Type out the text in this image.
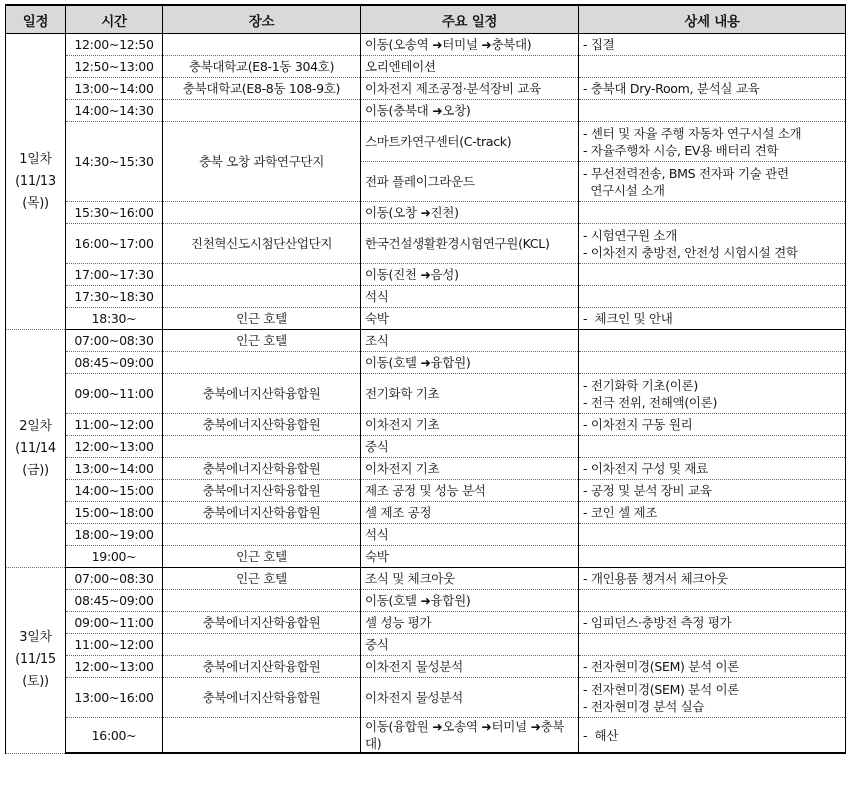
일정	시간	장소	주요 일정	상세 내용

1일차
(11/13
(목))	12:00~12:50		이동(오송역 ➜터미널 ➜충북대)	- 집결

	12:50~13:00	충북대학교(E8-1동 304호)	오리엔테이션	
	13:00~14:00	충북대학교(E8-8동 108-9호)	이차전지 제조공정·분석장비 교육	- 충북대 Dry-Room, 분석실 교육

	14:00~14:30		이동(충북대 ➜오창)	
	14:30~15:30	충북 오창 과학연구단지	스마트카연구센터(C-track)	- 센터 및 자율 주행 자동차 연구시설 소개
- 자율주행차 시승, EV용 배터리 견학

			전파 플레이그라운드	- 무선전력전송, BMS 전자파 기술 관련
연구시설 소개

	15:30~16:00		이동(오창 ➜진천)	
	16:00~17:00	진천혁신도시첨단산업단지	한국건설생활환경시험연구원(KCL)	- 시험연구원 소개
- 이차전지 충방전, 안전성 시험시설 견학

	17:00~17:30		이동(진천 ➜음성)	
	17:30~18:30		석식	
	18:30~	인근 호텔	숙박	-  체크인 및 안내

2일차
(11/14
(금))	07:00~08:30	인근 호텔	조식	
	08:45~09:00		이동(호텔 ➜융합원)	
	09:00~11:00	충북에너지산학융합원	전기화학 기초	- 전기화학 기초(이론)
- 전극 전위, 전해액(이론)

	11:00~12:00	충북에너지산학융합원	이차전지 기초	- 이차전지 구동 원리

	12:00~13:00		중식	
	13:00~14:00	충북에너지산학융합원	이차전지 기초	- 이차전지 구성 및 재료

	14:00~15:00	충북에너지산학융합원	제조 공정 및 성능 분석	- 공정 및 분석 장비 교육

	15:00~18:00	충북에너지산학융합원	셀 제조 공정	- 코인 셀 제조

	18:00~19:00		석식	
	19:00~	인근 호텔	숙박	

3일차
(11/15
(토))	07:00~08:30	인근 호텔	조식 및 체크아웃	- 개인용품 챙겨서 체크아웃

	08:45~09:00		이동(호텔 ➜융합원)	
	09:00~11:00	충북에너지산학융합원	셀 성능 평가	- 임피던스·충방전 측정 평가

	11:00~12:00		중식	
	12:00~13:00	충북에너지산학융합원	이차전지 물성분석	- 전자현미경(SEM) 분석 이론

	13:00~16:00	충북에너지산학융합원	이차전지 물성분석	- 전자현미경(SEM) 분석 이론
- 전자현미경 분석 실습

	16:00~		이동(융합원 ➜오송역 ➜터미널 ➜충북대)	-  해산
